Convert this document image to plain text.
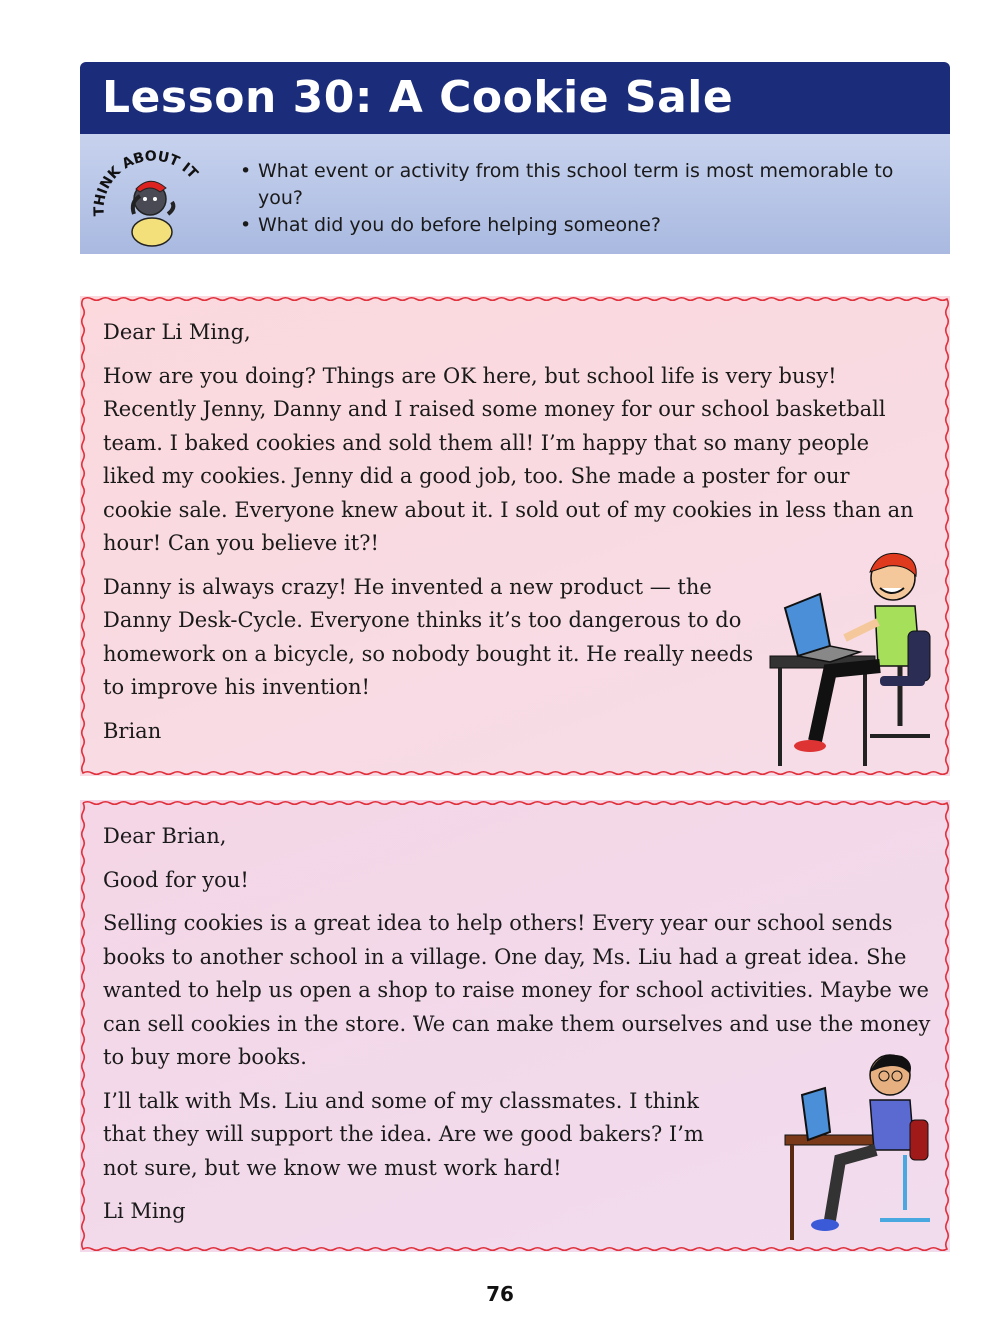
Lesson 30: A Cookie Sale
THINK ABOUT IT
•	What event or activity from this school term is most memorable to you?
• What did you do before helping someone?

Dear Li Ming,

How are you doing? Things are OK here, but school life is very busy! Recently Jenny, Danny and I raised some money for our school basketball team. I baked cookies and sold them all! I’m happy that so many people liked my cookies. Jenny did a good job, too. She made a poster for our cookie sale. Everyone knew about it. I sold out of my cookies in less than an hour! Can you believe it?!

Danny is always crazy! He invented a new product — the Danny Desk-Cycle. Everyone thinks it’s too dangerous to do homework on a bicycle, so nobody bought it. He really needs to improve his invention!

Brian

Dear Brian,

Good for you!

Selling cookies is a great idea to help others! Every year our school sends books to another school in a village. One day, Ms. Liu had a great idea. She wanted to help us open a shop to raise money for school activities. Maybe we can sell cookies in the store. We can make them ourselves and use the money to buy more books.

I’ll talk with Ms. Liu and some of my classmates. I think that they will support the idea. Are we good bakers? I’m not sure, but we know we must work hard!

Li Ming

76
